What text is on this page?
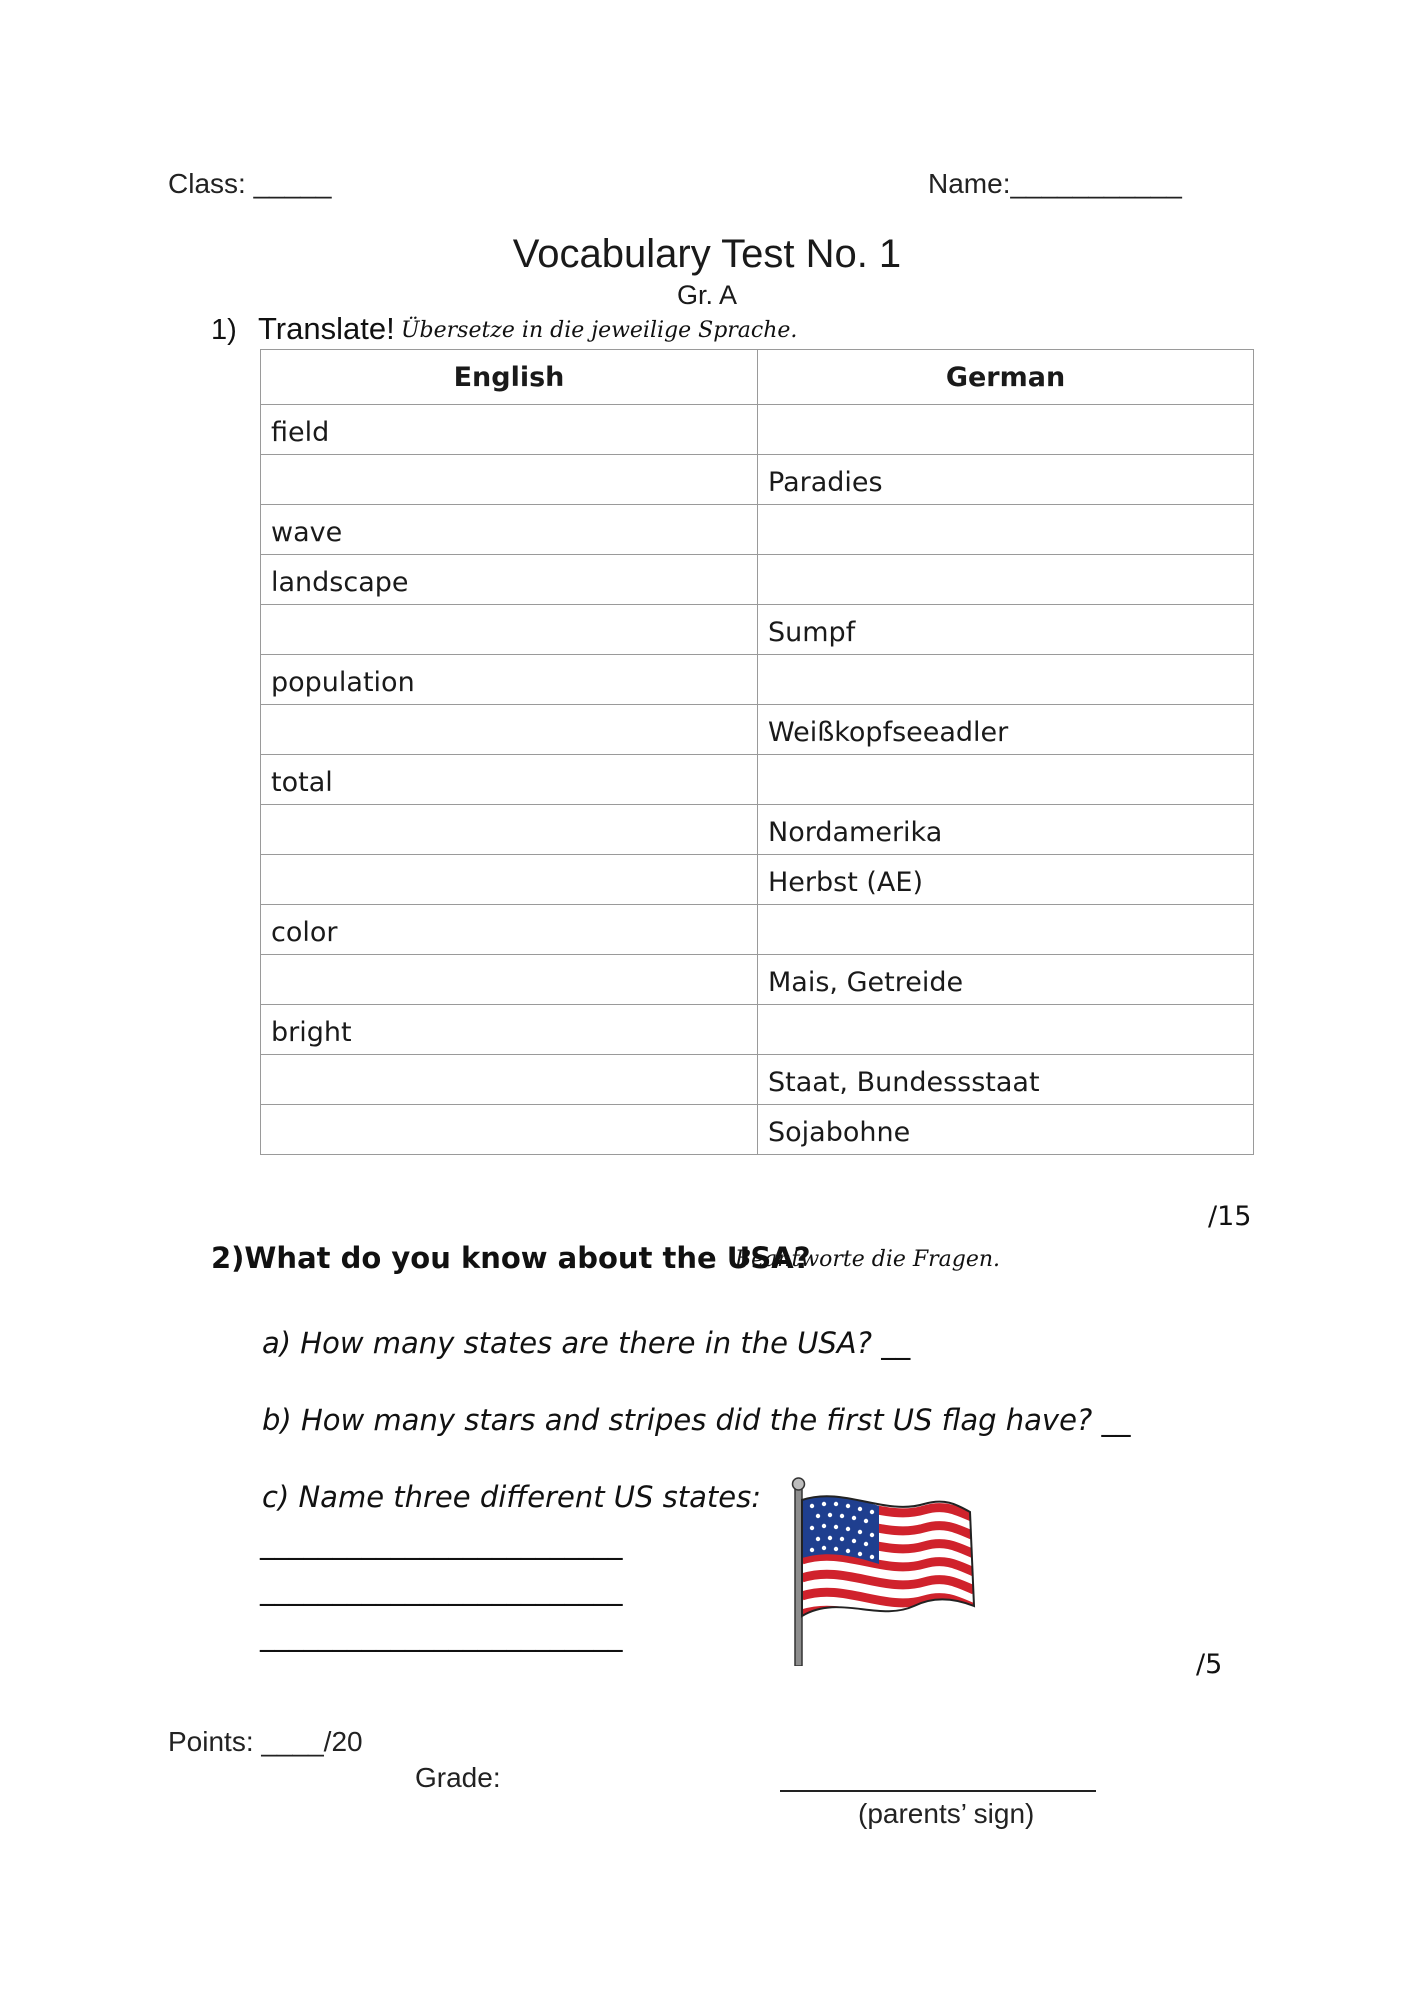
Class: _____	Name:___________
Vocabulary Test No. 1
Gr. A
1) Translate! Übersetze in die jeweilige Sprache.
English	German
field	
	Paradies
wave	
landscape	
	Sumpf
population	
	Weißkopfseeadler
total	
	Nordamerika
	Herbst (AE)
color	
	Mais, Getreide
bright	
	Staat, Bundessstaat
	Sojabohne
/15
2)What do you know about the USA?
Beantworte die Fragen.
a) How many states are there in the USA? __
b) How many stars and stripes did the first US flag have? __
c) Name three different US states:
_________________________
_________________________
_________________________
/5
Points: ____/20
Grade:
(parents’ sign)
